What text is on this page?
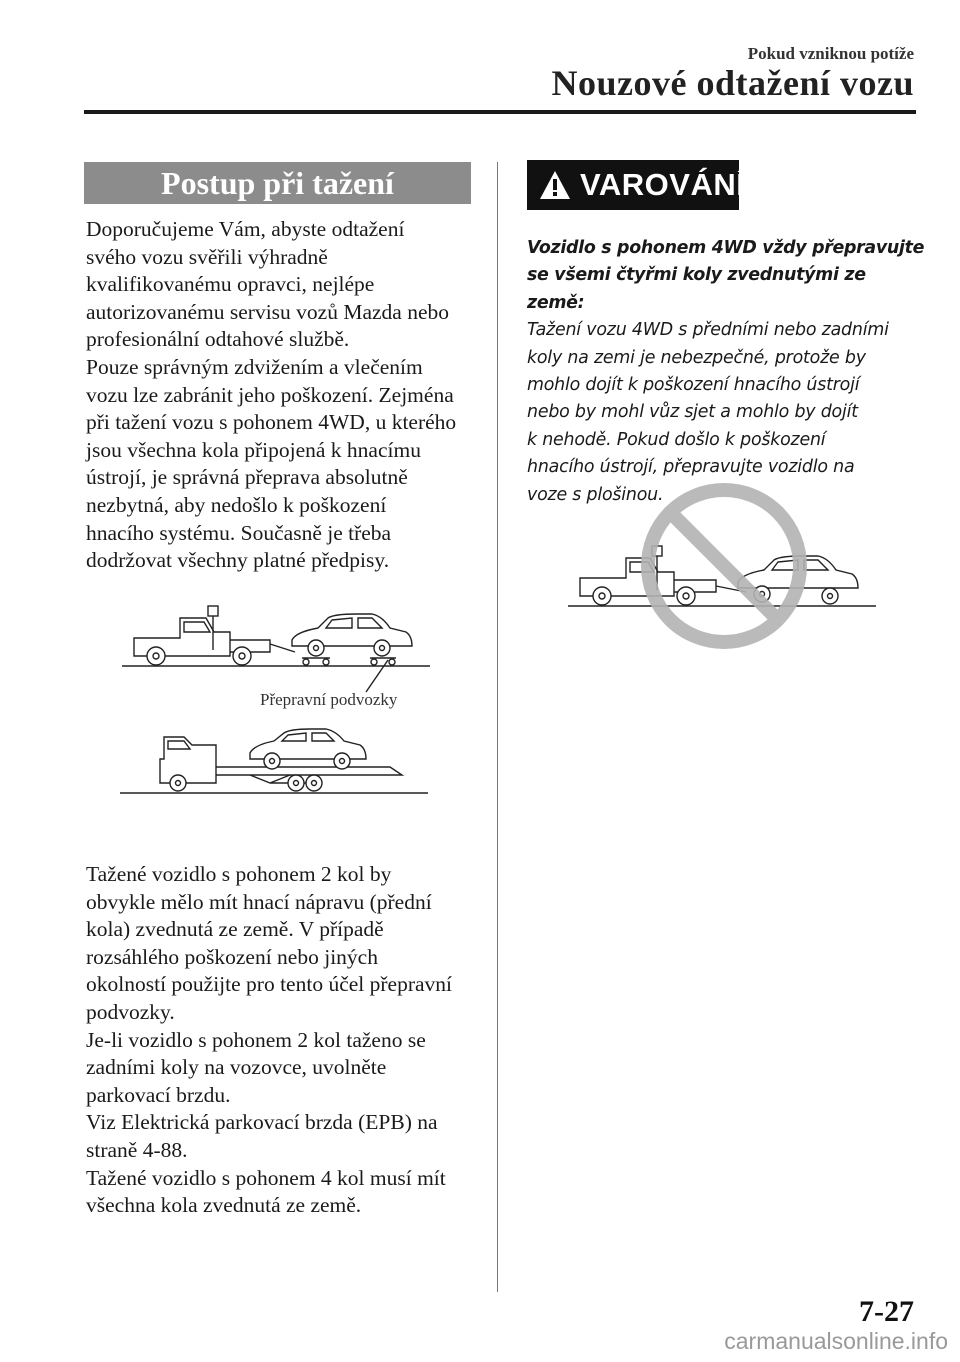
Pokud vzniknou potíže
Nouzové odtažení vozu
Postup při tažení
Doporučujeme Vám, abyste odtažení
svého vozu svěřili výhradně
kvalifikovanému opravci, nejlépe
autorizovanému servisu vozů Mazda nebo
profesionální odtahové službě.
Pouze správným zdvižením a vlečením
vozu lze zabránit jeho poškození. Zejména
při tažení vozu s pohonem 4WD, u kterého
jsou všechna kola připojená k hnacímu
ústrojí, je správná přeprava absolutně
nezbytná, aby nedošlo k poškození
hnacího systému. Současně je třeba
dodržovat všechny platné předpisy.
Přepravní podvozky
Tažené vozidlo s pohonem 2 kol by
obvykle mělo mít hnací nápravu (přední
kola) zvednutá ze země. V případě
rozsáhlého poškození nebo jiných
okolností použijte pro tento účel přepravní
podvozky.
Je-li vozidlo s pohonem 2 kol taženo se
zadními koly na vozovce, uvolněte
parkovací brzdu.
Viz Elektrická parkovací brzda (EPB) na
straně 4-88.
Tažené vozidlo s pohonem 4 kol musí mít
všechna kola zvednutá ze země.
VAROVÁNÍ
Vozidlo s pohonem 4WD vždy přepravujte
se všemi čtyřmi koly zvednutými ze země:
Tažení vozu 4WD s předními nebo zadními
koly na zemi je nebezpečné, protože by
mohlo dojít k poškození hnacího ústrojí
nebo by mohl vůz sjet a mohlo by dojít
k nehodě. Pokud došlo k poškození
hnacího ústrojí, přepravujte vozidlo na
voze s plošinou.
7-27
carmanualsonline.info
